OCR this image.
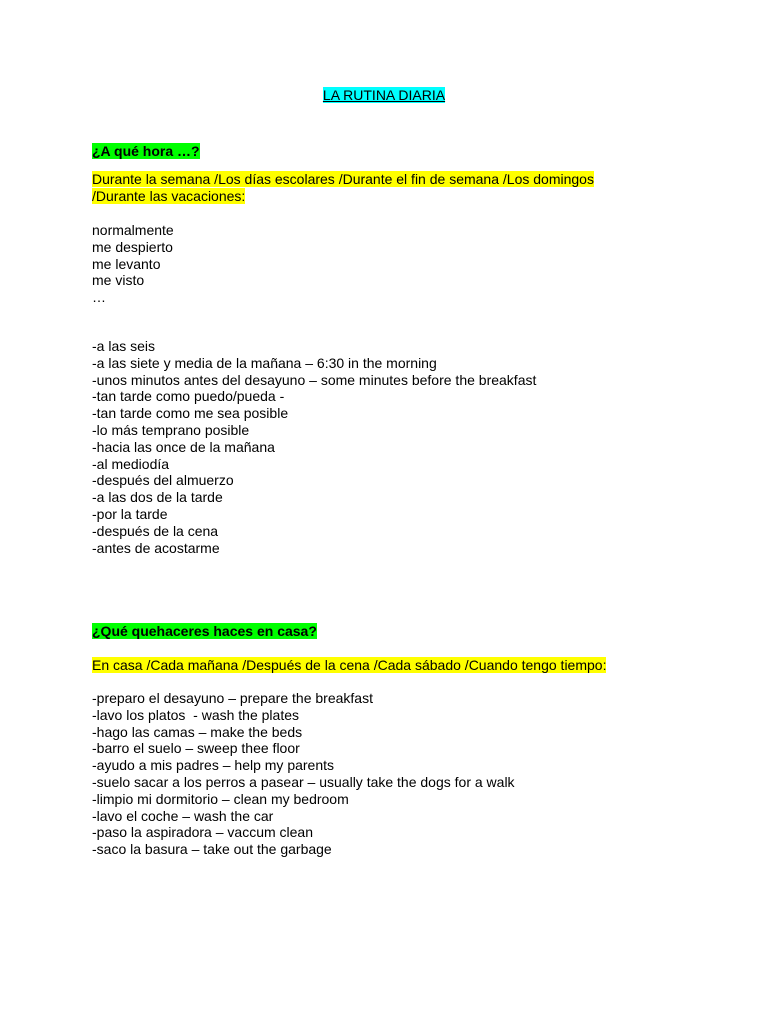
LA RUTINA DIARIA
¿A qué hora …?
Durante la semana /Los días escolares /Durante el fin de semana /Los domingos
/Durante las vacaciones:
normalmente
me despierto
me levanto
me visto
…
-a las seis
-a las siete y media de la mañana – 6:30 in the morning
-unos minutos antes del desayuno – some minutes before the breakfast
-tan tarde como puedo/pueda -
-tan tarde como me sea posible
-lo más temprano posible
-hacia las once de la mañana
-al mediodía
-después del almuerzo
-a las dos de la tarde
-por la tarde
-después de la cena
-antes de acostarme
¿Qué quehaceres haces en casa?
En casa /Cada mañana /Después de la cena /Cada sábado /Cuando tengo tiempo:
-preparo el desayuno – prepare the breakfast
-lavo los platos  - wash the plates
-hago las camas – make the beds
-barro el suelo – sweep thee floor
-ayudo a mis padres – help my parents
-suelo sacar a los perros a pasear – usually take the dogs for a walk
-limpio mi dormitorio – clean my bedroom
-lavo el coche – wash the car
-paso la aspiradora – vaccum clean
-saco la basura – take out the garbage
